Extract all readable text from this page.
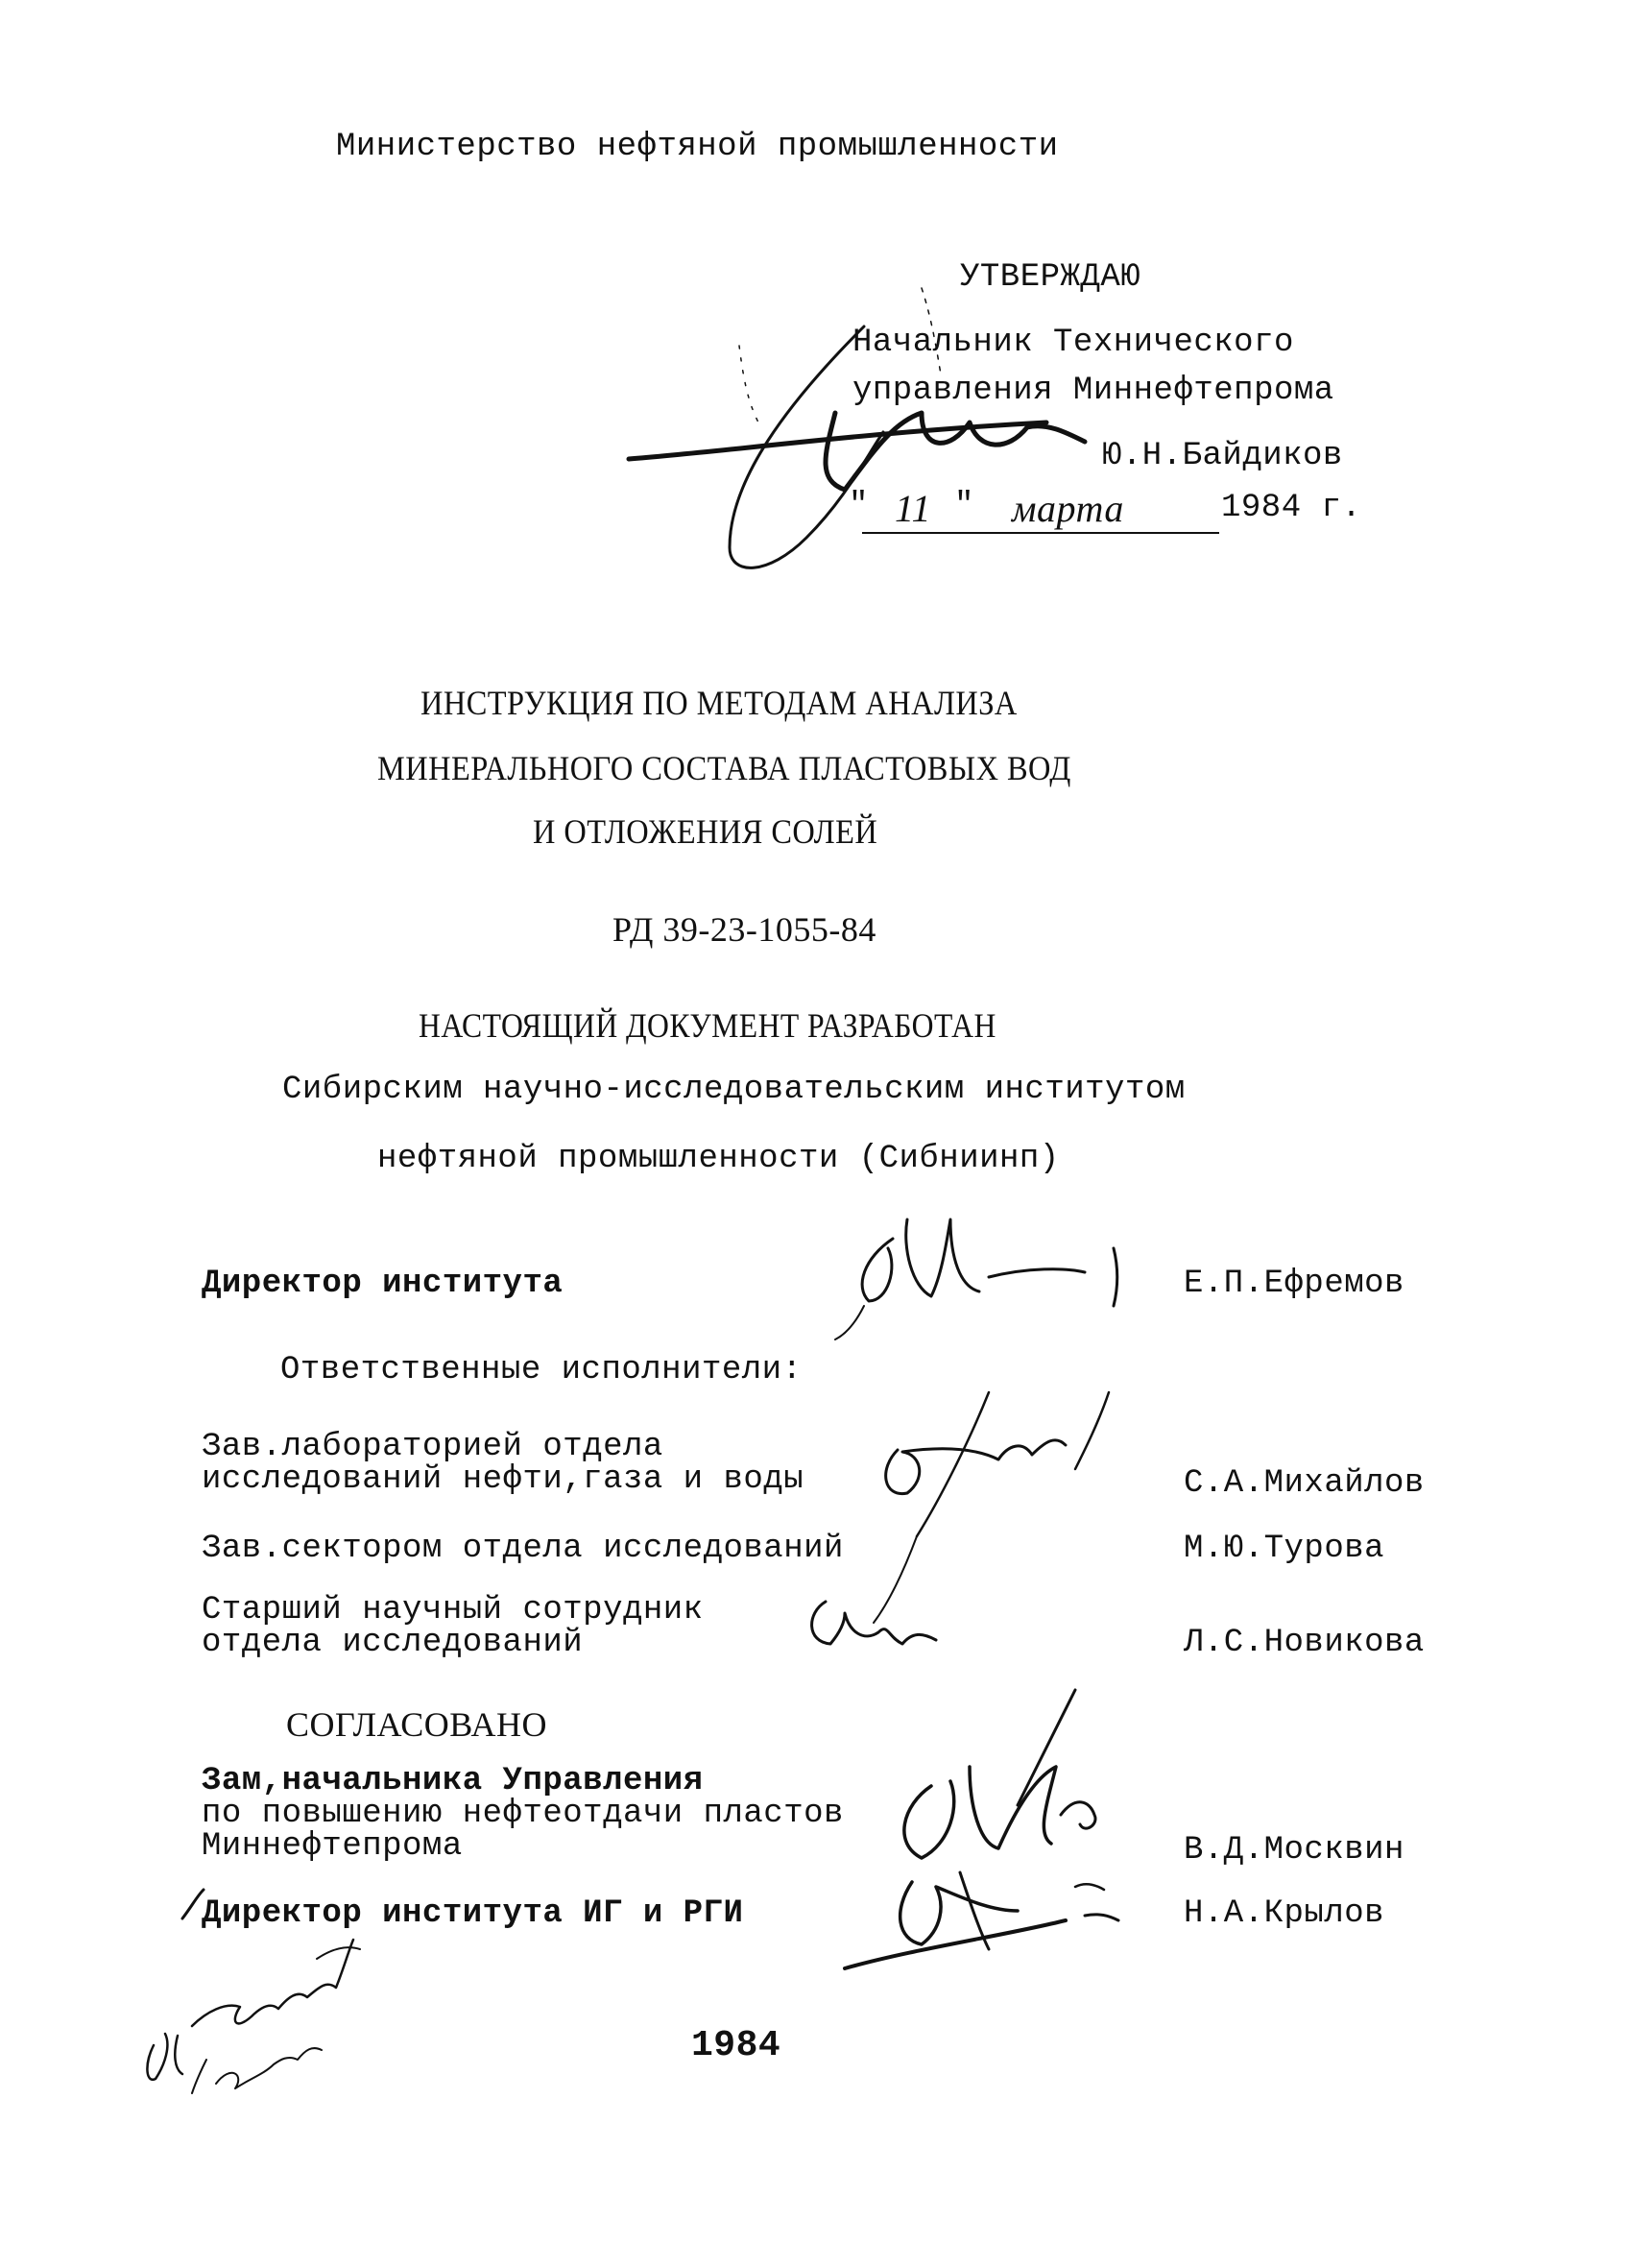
Министерство нефтяной промышленности
УТВЕРЖДАЮ
Начальник Технического
управления Миннефтепрома
Ю.Н.Байдиков
" 11 " марта	1984 г.
ИНСТРУКЦИЯ ПО МЕТОДАМ АНАЛИЗА
МИНЕРАЛЬНОГО СОСТАВА ПЛАСТОВЫХ ВОД
И ОТЛОЖЕНИЯ СОЛЕЙ
РД 39-23-1055-84
НАСТОЯЩИЙ ДОКУМЕНТ РАЗРАБОТАН
Сибирским научно-исследовательским институтом
нефтяной промышленности (Сибниинп)
Директор института	Е.П.Ефремов
Ответственные исполнители:
Зав.лабораторией отдела
исследований нефти,газа и воды	С.А.Михайлов
Зав.сектором отдела исследований	М.Ю.Турова
Старший научный сотрудник
отдела исследований	Л.С.Новикова
СОГЛАСОВАНО
Зам,начальника Управления
по повышению нефтеотдачи пластов
Миннефтепрома	В.Д.Москвин
Директор института ИГ и РГИ	Н.А.Крылов
1984
